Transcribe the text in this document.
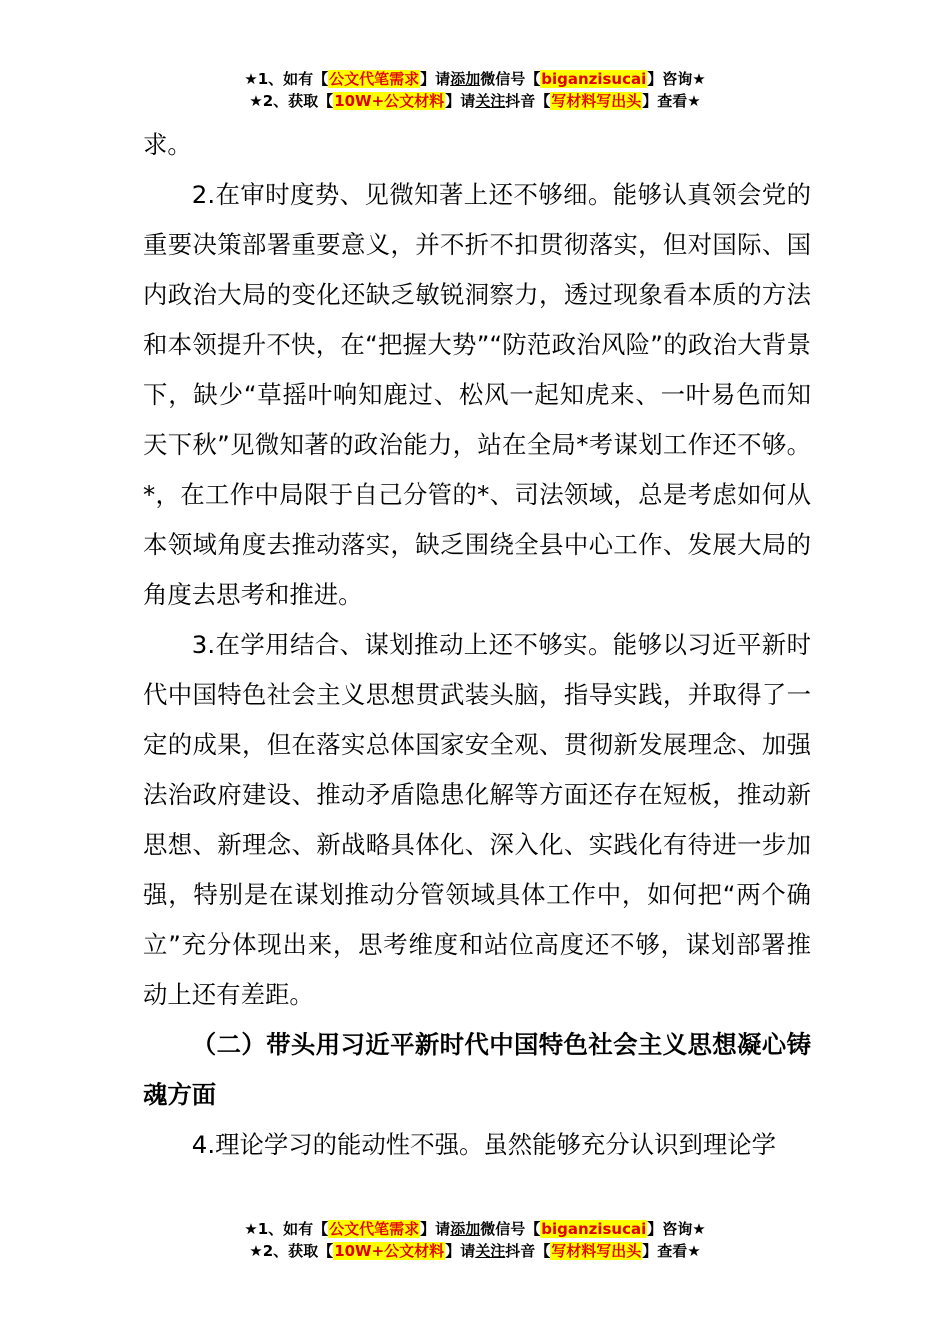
★1、如有【公文代笔需求】请添加微信号【biganzisucai】咨询★
★2、获取【10W+公文材料】请关注抖音【写材料写出头】查看★

求。

2.在审时度势、见微知著上还不够细。能够认真领会党的重要决策部署重要意义，并不折不扣贯彻落实，但对国际、国内政治大局的变化还缺乏敏锐洞察力，透过现象看本质的方法和本领提升不快，在“把握大势”“防范政治风险”的政治大背景下，缺少“草摇叶响知鹿过、松风一起知虎来、一叶易色而知天下秋”见微知著的政治能力，站在全局*考谋划工作还不够。*，在工作中局限于自己分管的*、司法领域，总是考虑如何从本领域角度去推动落实，缺乏围绕全县中心工作、发展大局的角度去思考和推进。

3.在学用结合、谋划推动上还不够实。能够以习近平新时代中国特色社会主义思想贯武装头脑，指导实践，并取得了一定的成果，但在落实总体国家安全观、贯彻新发展理念、加强法治政府建设、推动矛盾隐患化解等方面还存在短板，推动新思想、新理念、新战略具体化、深入化、实践化有待进一步加强，特别是在谋划推动分管领域具体工作中，如何把“两个确立”充分体现出来，思考维度和站位高度还不够，谋划部署推动上还有差距。

（二）带头用习近平新时代中国特色社会主义思想凝心铸魂方面

4.理论学习的能动性不强。虽然能够充分认识到理论学

★1、如有【公文代笔需求】请添加微信号【biganzisucai】咨询★
★2、获取【10W+公文材料】请关注抖音【写材料写出头】查看★
